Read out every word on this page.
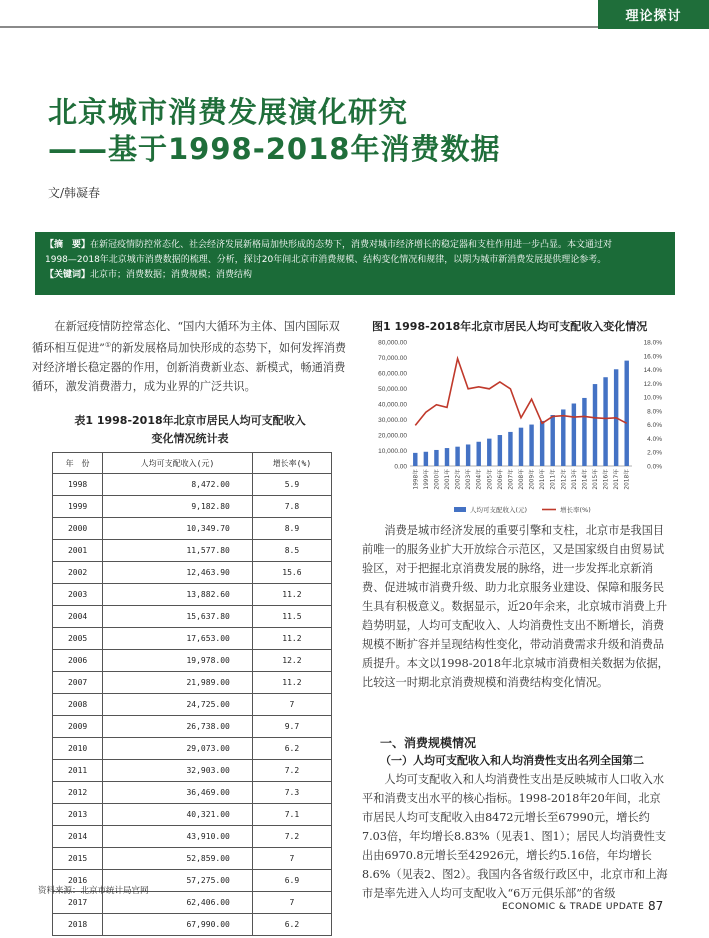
理论探讨
北京城市消费发展演化研究
——基于1998-2018年消费数据
文/韩凝春

【摘　要】在新冠疫情防控常态化、社会经济发展新格局加快形成的态势下，消费对城市经济增长的稳定器和支柱作用进一步凸显。本文通过对

1998—2018年北京城市消费数据的梳理、分析，探讨20年间北京市消费规模、结构变化情况和规律，以期为城市新消费发展提供理论参考。

【关键词】北京市；消费数据；消费规模；消费结构

在新冠疫情防控常态化、“国内大循环为主体、国内国际双循环相互促进”①的新发展格局加快形成的态势下，如何发挥消费对经济增长稳定器的作用，创新消费新业态、新模式，畅通消费循环，激发消费潜力，成为业界的广泛共识。

表1 1998-2018年北京市居民人均可支配收入
变化情况统计表
年　份	人均可支配收入(元)	增长率(%)
1998	8,472.00	5.9
1999	9,182.80	7.8
2000	10,349.70	8.9
2001	11,577.80	8.5
2002	12,463.90	15.6
2003	13,882.60	11.2
2004	15,637.80	11.5
2005	17,653.00	11.2
2006	19,978.00	12.2
2007	21,989.00	11.2
2008	24,725.00	7
2009	26,738.00	9.7
2010	29,073.00	6.2
2011	32,903.00	7.2
2012	36,469.00	7.3
2013	40,321.00	7.1
2014	43,910.00	7.2
2015	52,859.00	7
2016	57,275.00	6.9
2017	62,406.00	7
2018	67,990.00	6.2
资料来源：北京市统计局官网
图1 1998-2018年北京市居民人均可支配收入变化情况
80,000.00
70,000.00
60,000.00
50,000.00
40,000.00
30,000.00
20,000.00
10,000.00
0.00
18.0%
16.0%
14.0%
12.0%
10.0%
8.0%
6.0%
4.0%
2.0%
0.0%
1998年 1999年 2000年 2001年 2002年 2003年 2004年 2005年 2006年 2007年 2008年 2009年 2010年 2011年 2012年 2013年 2014年 2015年 2016年 2017年 2018年
人均可支配收入(元)	增长率(%)

消费是城市经济发展的重要引擎和支柱，北京市是我国目前唯一的服务业扩大开放综合示范区，又是国家级自由贸易试验区，对于把握北京消费发展的脉络，进一步发挥北京新消费、促进城市消费升级、助力北京服务业建设、保障和服务民生具有积极意义。数据显示，近20年余来，北京城市消费上升趋势明显，人均可支配收入、人均消费性支出不断增长，消费规模不断扩容并呈现结构性变化，带动消费需求升级和消费品质提升。本文以1998-2018年北京城市消费相关数据为依据，比较这一时期北京消费规模和消费结构变化情况。

一、消费规模情况
（一）人均可支配收入和人均消费性支出名列全国第二

人均可支配收入和人均消费性支出是反映城市人口收入水平和消费支出水平的核心指标。1998-2018年20年间，北京市居民人均可支配收入由8472元增长至67990元，增长约7.03倍，年均增长8.83%（见表1、图1）；居民人均消费性支出由6970.8元增长至42926元，增长约5.16倍，年均增长8.6%（见表2、图2）。我国内各省级行政区中，北京市和上海市是率先进入人均可支配收入“6万元俱乐部”的省级

ECONOMIC & TRADE UPDATE 87
